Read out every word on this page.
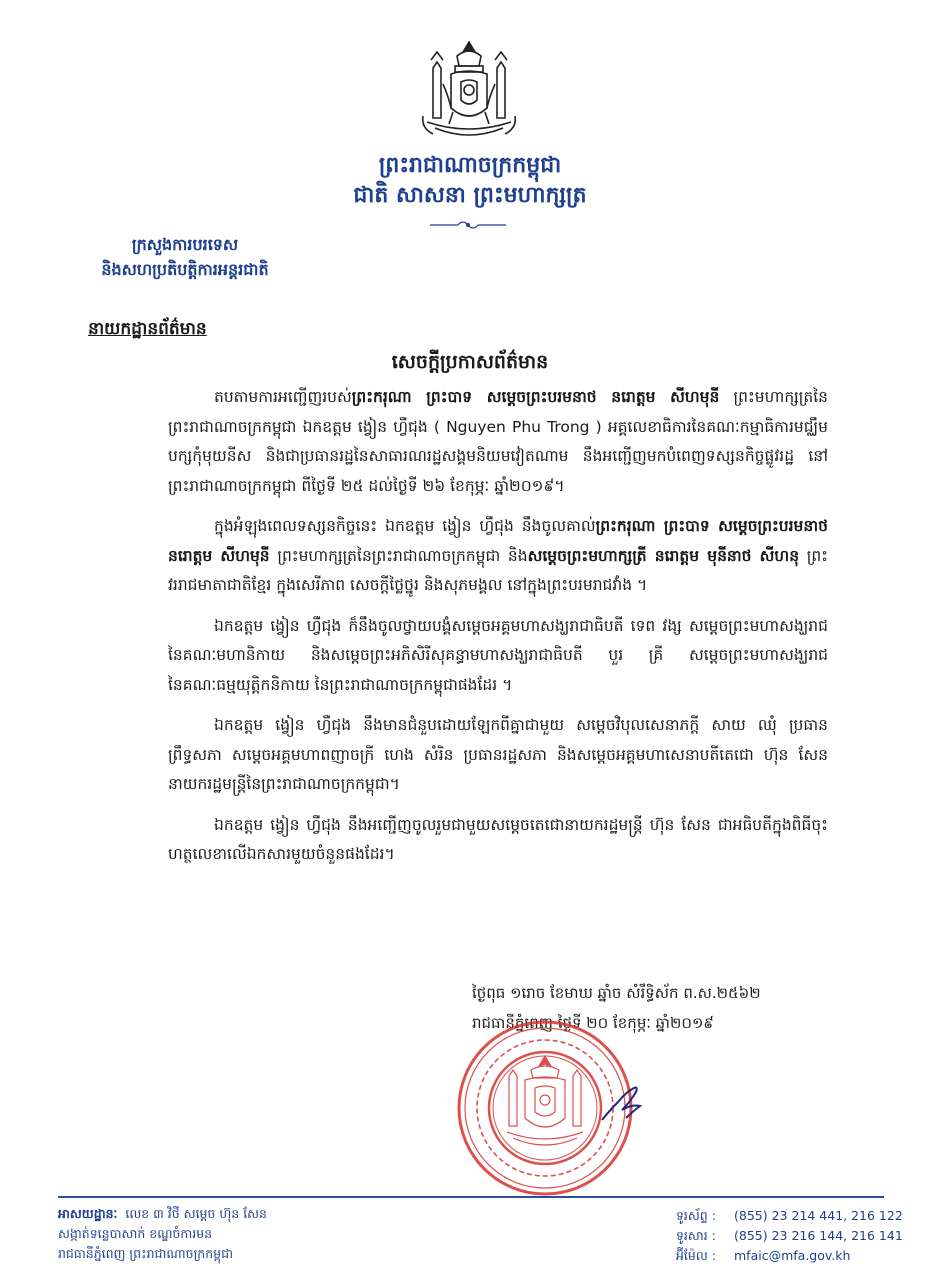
ព្រះរាជាណាចក្រកម្ពុជា
ជាតិ សាសនា ព្រះមហាក្សត្រ
ក្រសួងការបរទេស
និងសហប្រតិបត្តិការអន្តរជាតិ
នាយកដ្ឋានព័ត៌មាន
សេចក្តីប្រកាសព័ត៌មាន

តបតាមការអញ្ជើញរបស់ព្រះករុណា ព្រះបាទ សម្តេចព្រះបរមនាថ នរោត្តម សីហមុនី ព្រះមហាក្សត្រនៃព្រះរាជាណាចក្រកម្ពុជា ឯកឧត្តម ង្វៀន ហ្វឺជុង ( Nguyen Phu Trong ) អគ្គលេខាធិការនៃគណៈកម្មាធិការមជ្ឈឹមបក្សកុំមុយនីស និងជាប្រធានរដ្ឋនៃសាធារណរដ្ឋសង្គមនិយមវៀតណាម នឹងអញ្ជើញមកបំពេញទស្សនកិច្ចផ្លូវរដ្ឋ នៅព្រះរាជាណាចក្រកម្ពុជា ពីថ្ងៃទី ២៥ ដល់ថ្ងៃទី ២៦ ខែកុម្ភៈ ឆ្នាំ២០១៩។

ក្នុងអំឡុងពេលទស្សនកិច្ចនេះ ឯកឧត្តម ង្វៀន ហ្វឺជុង នឹងចូលគាល់ព្រះករុណា ព្រះបាទ សម្តេចព្រះបរមនាថ នរោត្តម សីហមុនី ព្រះមហាក្សត្រនៃព្រះរាជាណាចក្រកម្ពុជា និងសម្តេចព្រះមហាក្សត្រី នរោត្តម មុនីនាថ សីហនុ ព្រះវររាជមាតាជាតិខ្មែរ ក្នុងសេរីភាព សេចក្តីថ្លៃថ្នូរ និងសុភមង្គល នៅក្នុងព្រះបរមរាជវាំង ។

ឯកឧត្តម ង្វៀន ហ្វឺជុង ក៏នឹងចូលថ្វាយបង្គំសម្តេចអគ្គមហាសង្ឃរាជាធិបតី ទេព វង្ស សម្តេចព្រះមហាសង្ឃរាជនៃគណៈមហានិកាយ និងសម្តេចព្រះអភិសិរីសុគន្ធាមហាសង្ឃរាជាធិបតី បួរ គ្រី សម្តេចព្រះមហាសង្ឃរាជនៃគណៈធម្មយុត្តិកនិកាយ នៃព្រះរាជាណាចក្រកម្ពុជាផងដែរ ។

ឯកឧត្តម ង្វៀន ហ្វឺជុង នឹងមានជំនួបដោយឡែកពីគ្នាជាមួយ សម្តេចវិបុលសេនាភក្តី សាយ ឈុំ ប្រធានព្រឹទ្ធសភា សម្តេចអគ្គមហាពញាចក្រី ហេង សំរិន ប្រធានរដ្ឋសភា និងសម្តេចអគ្គមហាសេនាបតីតេជោ ហ៊ុន សែន នាយករដ្ឋមន្ត្រីនៃព្រះរាជាណាចក្រកម្ពុជា។

ឯកឧត្តម ង្វៀន ហ្វឺជុង នឹងអញ្ជើញចូលរួមជាមួយសម្តេចតេជោនាយករដ្ឋមន្ត្រី ហ៊ុន សែន ជាអធិបតីក្នុងពិធីចុះហត្ថលេខាលើឯកសារមួយចំនួនផងដែរ។

ថ្ងៃពុធ ១រោច ខែមាឃ ឆ្នាំច សំរឹទ្ធិស័ក ព.ស.២៥៦២
រាជធានីភ្នំពេញ ថ្ងៃទី ២០ ខែកុម្ភៈ ឆ្នាំ២០១៩
អាសយដ្ឋានៈ លេខ ៣ វិថី សម្តេច ហ៊ុន សែន
សង្កាត់ទន្លេបាសាក់ ខណ្ឌចំការមន
រាជធានីភ្នំពេញ ព្រះរាជាណាចក្រកម្ពុជា
ទូរស័ព្ទ : (855) 23 214 441, 216 122
ទូរសារ : (855) 23 216 144, 216 141
អ៊ីម៉ែល : mfaic@mfa.gov.kh
